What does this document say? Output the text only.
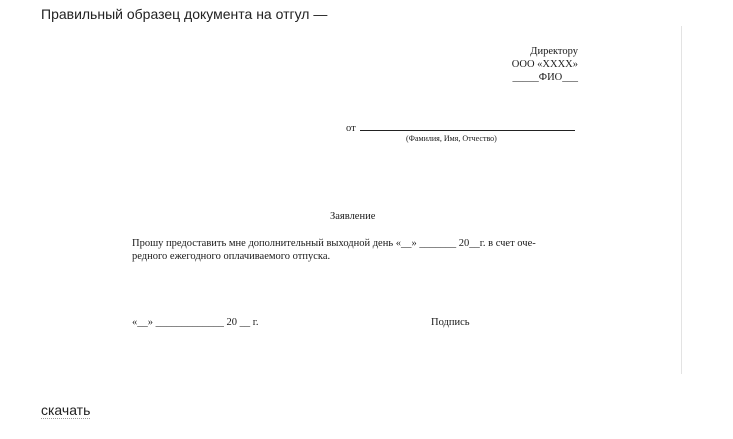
Правильный образец документа на отгул —
Директору
ООО «ХХХХ»
_____ФИО___
от
(Фамилия, Имя, Отчество)
Заявление
Прошу предоставить мне дополнительный выходной день «__» _______ 20__г. в счет оче-
редного ежегодного оплачиваемого отпуска.
«__» _____________ 20 __ г.	Подпись
скачать
